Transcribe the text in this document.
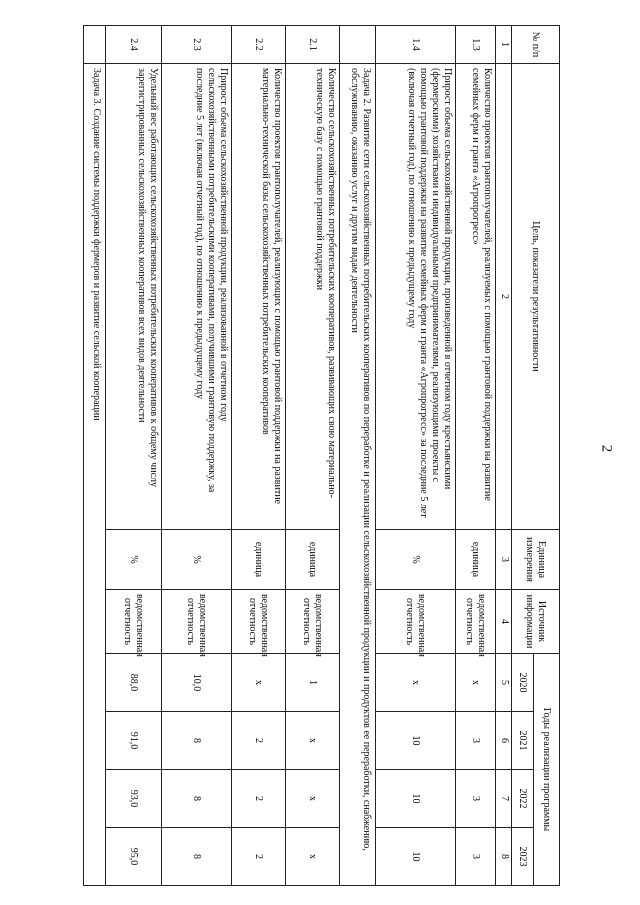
2
№ п/п	Цель, показатели результативности	Единица измерения	Источник информации	Годы реализации программы			
				2020	2021	2022	2023
1	2	3	4	5	6	7	8
1.3	Количество проектов грантополучателей, реализуемых с помощью грантовой поддержки на развитие семейных ферм и гранта «Агропрогресс»	единица	ведомственная отчетность	х	3	3	3
1.4	Прирост объема сельскохозяйственной продукции, произведенной в отчетном году крестьянскими (фермерскими) хозяйствами и индивидуальными предпринимателями, реализующими проекты с помощью грантовой поддержки на развитие семейных ферм и гранта «Агропрогресс» за последние 5 лет (включая отчетный год), по отношению к предыдущему году	%	ведомственная отчетность	х	10	10	10
	Задача 2. Развитие сети сельскохозяйственных потребительских кооперативов по переработке и реализации сельскохозяйственной продукции и продуктов ее переработки, снабжению, обслуживанию, оказанию услуг и другим видам деятельности						
2.1	Количество сельскохозяйственных потребительских кооперативов, развивающих свою материально-техническую базу с помощью грантовой поддержки	единица	ведомственная отчетность	1	х	х	х
2.2	Количество проектов грантополучателей, реализующих с помощью грантовой поддержки на развитие материально-технической базы сельскохозяйственных потребительских кооперативов	единица	ведомственная отчетность	х	2	2	2
2.3	Прирост объема сельскохозяйственной продукции, реализованной в отчетном году сельскохозяйственными потребительскими кооперативами, получившими грантовую поддержку, за последние 5 лет (включая отчетный год), по отношению к предыдущему году	%	ведомственная отчетность	10,0	8	8	8
2.4	Удельный вес работающих сельскохозяйственных потребительских кооперативов к общему числу зарегистрированных сельскохозяйственных кооперативов всех видов деятельности	%	ведомственная отчетность	88,0	91,0	93,0	95,0
	Задача 3. Создание системы поддержки фермеров и развитие сельской кооперации						
